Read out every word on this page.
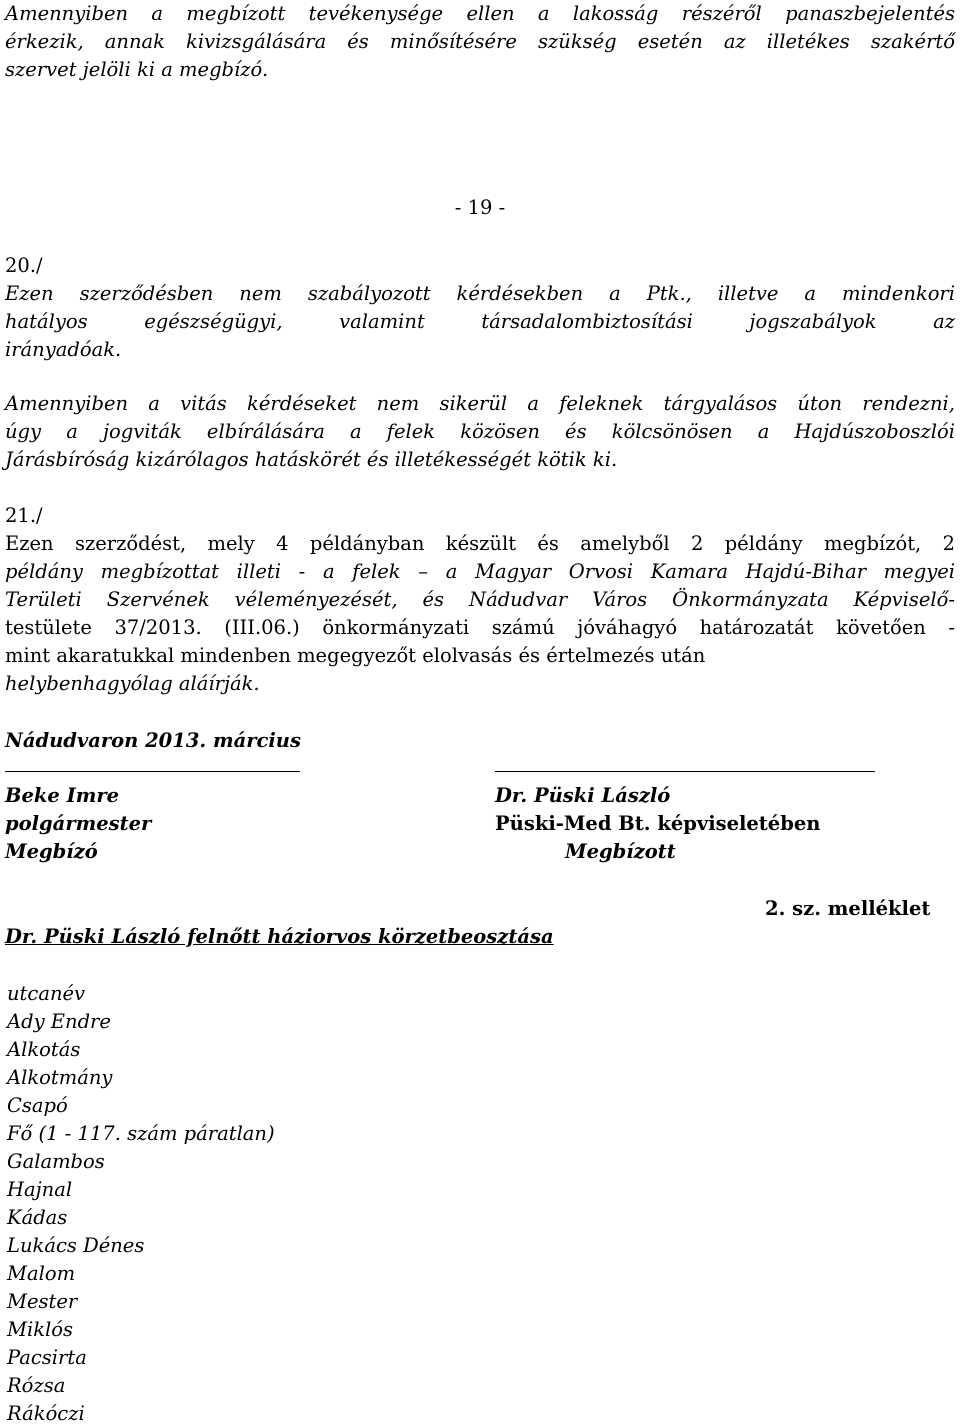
Amennyiben a megbízott tevékenysége ellen a lakosság részéről panaszbejelentés

érkezik, annak kivizsgálására és minősítésére szükség esetén az illetékes szakértő

szervet jelöli ki a megbízó.

- 19 -

20./

Ezen szerződésben nem szabályozott kérdésekben a Ptk., illetve a mindenkori

hatályos egészségügyi, valamint társadalombiztosítási jogszabályok az

irányadóak.

Amennyiben a vitás kérdéseket nem sikerül a feleknek tárgyalásos úton rendezni,

úgy a jogviták elbírálására a felek közösen és kölcsönösen a Hajdúszoboszlói

Járásbíróság kizárólagos hatáskörét és illetékességét kötik ki.

21./

Ezen szerződést, mely 4 példányban készült és amelyből 2 példány megbízót, 2

példány megbízottat illeti - a felek – a Magyar Orvosi Kamara Hajdú-Bihar megyei

Területi Szervének véleményezését, és Nádudvar Város Önkormányzata Képviselő-

testülete 37/2013. (III.06.) önkormányzati számú jóváhagyó határozatát követően -

mint akaratukkal mindenben megegyezőt elolvasás és értelmezés után

helybenhagyólag aláírják.

Nádudvaron 2013. március

Beke Imre

polgármester

Megbízó

Dr. Püski László

Püski-Med Bt. képviseletében

Megbízott

2. sz. melléklet
Dr. Püski László felnőtt háziorvos körzetbeosztása

utcanév

Ady Endre

Alkotás

Alkotmány

Csapó

Fő (1 - 117. szám páratlan)

Galambos

Hajnal

Kádas

Lukács Dénes

Malom

Mester

Miklós

Pacsirta

Rózsa

Rákóczi
